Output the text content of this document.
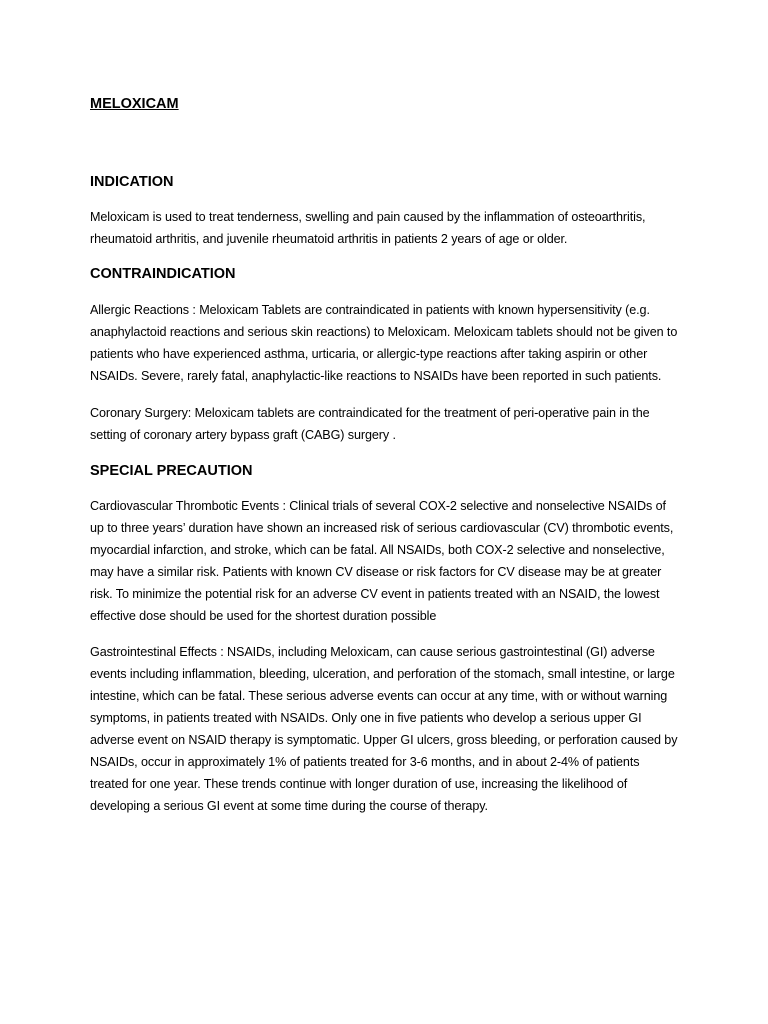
MELOXICAM
INDICATION

Meloxicam is used to treat tenderness, swelling and pain caused by the inflammation of osteoarthritis, rheumatoid arthritis, and juvenile rheumatoid arthritis in patients 2 years of age or older.

CONTRAINDICATION

Allergic Reactions : Meloxicam Tablets are contraindicated in patients with known hypersensitivity (e.g. anaphylactoid reactions and serious skin reactions) to Meloxicam. Meloxicam tablets should not be given to patients who have experienced asthma, urticaria, or allergic-type reactions after taking aspirin or other NSAIDs. Severe, rarely fatal, anaphylactic-like reactions to NSAIDs have been reported in such patients.

Coronary Surgery: Meloxicam tablets are contraindicated for the treatment of peri-operative pain in the setting of coronary artery bypass graft (CABG) surgery .

SPECIAL PRECAUTION

Cardiovascular Thrombotic Events : Clinical trials of several COX-2 selective and nonselective NSAIDs of up to three years’ duration have shown an increased risk of serious cardiovascular (CV) thrombotic events, myocardial infarction, and stroke, which can be fatal. All NSAIDs, both COX-2 selective and nonselective, may have a similar risk. Patients with known CV disease or risk factors for CV disease may be at greater risk. To minimize the potential risk for an adverse CV event in patients treated with an NSAID, the lowest effective dose should be used for the shortest duration possible

Gastrointestinal Effects : NSAIDs, including Meloxicam, can cause serious gastrointestinal (GI) adverse events including inflammation, bleeding, ulceration, and perforation of the stomach, small intestine, or large intestine, which can be fatal. These serious adverse events can occur at any time, with or without warning symptoms, in patients treated with NSAIDs. Only one in five patients who develop a serious upper GI adverse event on NSAID therapy is symptomatic. Upper GI ulcers, gross bleeding, or perforation caused by NSAIDs, occur in approximately 1% of patients treated for 3-6 months, and in about 2-4% of patients treated for one year. These trends continue with longer duration of use, increasing the likelihood of developing a serious GI event at some time during the course of therapy.
